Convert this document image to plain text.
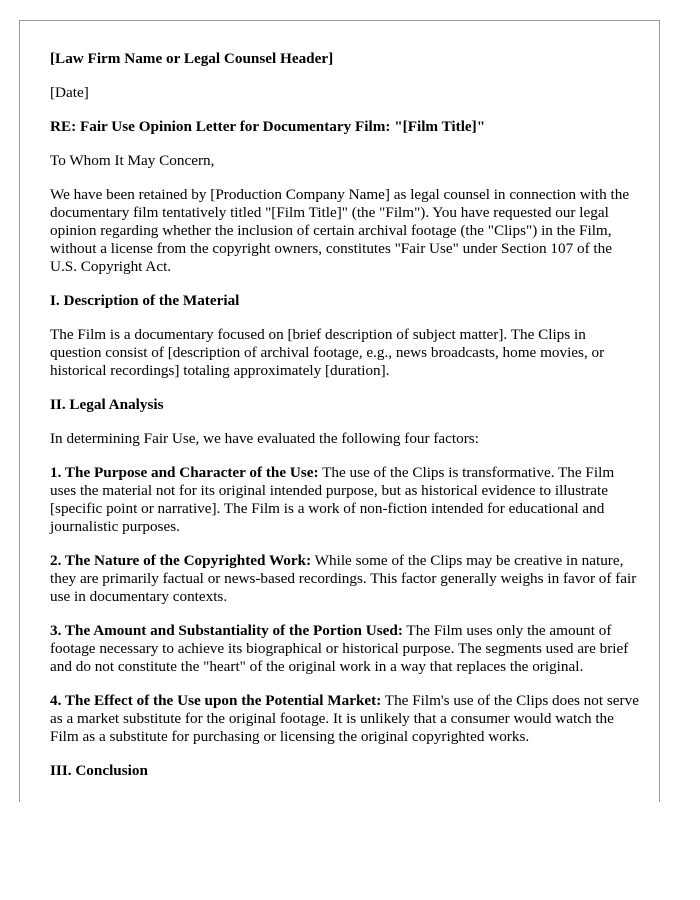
[Law Firm Name or Legal Counsel Header]

[Date]

RE: Fair Use Opinion Letter for Documentary Film: "[Film Title]"

To Whom It May Concern,

We have been retained by [Production Company Name] as legal counsel in connection with the documentary film tentatively titled "[Film Title]" (the "Film"). You have requested our legal opinion regarding whether the inclusion of certain archival footage (the "Clips") in the Film, without a license from the copyright owners, constitutes "Fair Use" under Section 107 of the U.S. Copyright Act.

I. Description of the Material

The Film is a documentary focused on [brief description of subject matter]. The Clips in question consist of [description of archival footage, e.g., news broadcasts, home movies, or historical recordings] totaling approximately [duration].

II. Legal Analysis

In determining Fair Use, we have evaluated the following four factors:

1. The Purpose and Character of the Use: The use of the Clips is transformative. The Film uses the material not for its original intended purpose, but as historical evidence to illustrate [specific point or narrative]. The Film is a work of non-fiction intended for educational and journalistic purposes.

2. The Nature of the Copyrighted Work: While some of the Clips may be creative in nature, they are primarily factual or news-based recordings. This factor generally weighs in favor of fair use in documentary contexts.

3. The Amount and Substantiality of the Portion Used: The Film uses only the amount of footage necessary to achieve its biographical or historical purpose. The segments used are brief and do not constitute the "heart" of the original work in a way that replaces the original.

4. The Effect of the Use upon the Potential Market: The Film's use of the Clips does not serve as a market substitute for the original footage. It is unlikely that a consumer would watch the Film as a substitute for purchasing or licensing the original copyrighted works.

III. Conclusion
